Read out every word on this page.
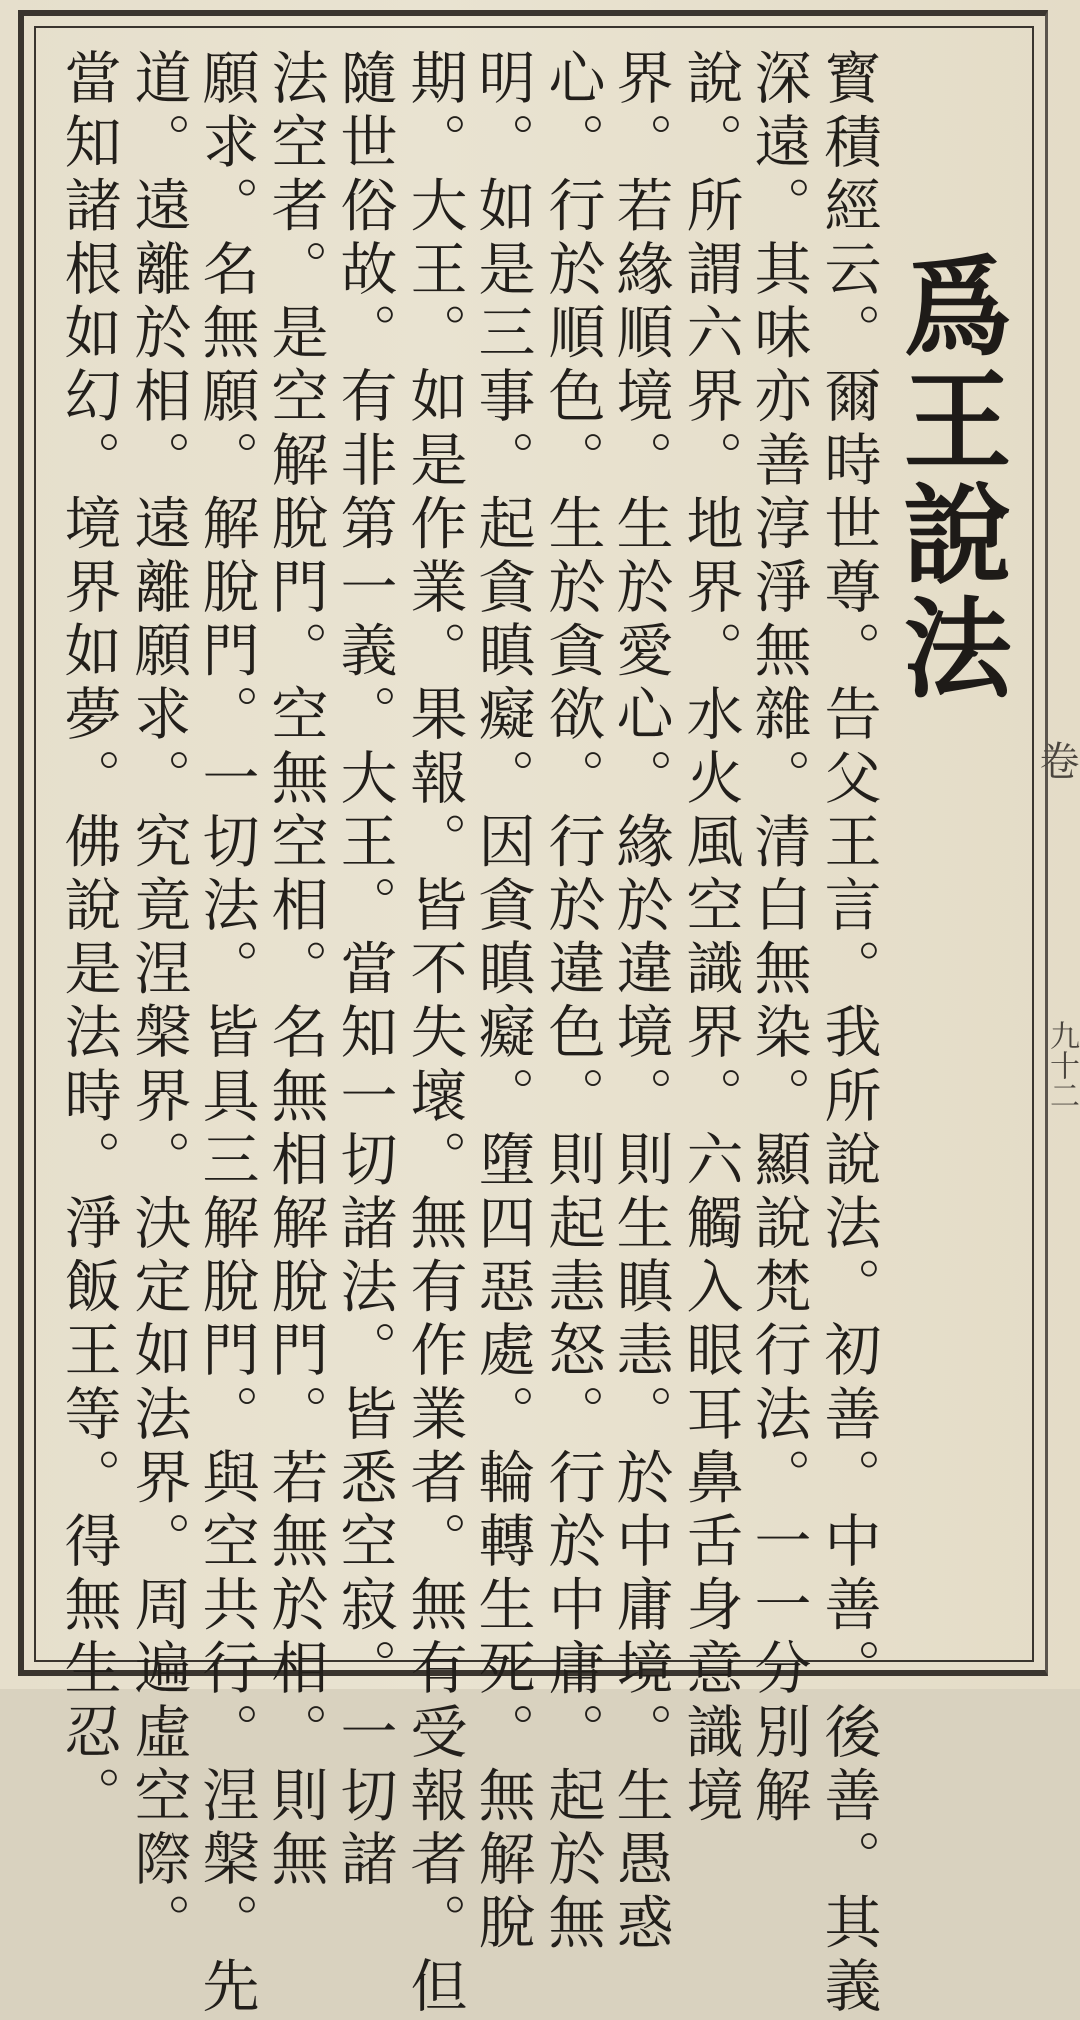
卷
九十二
爲王說法
寳積經云。爾時世尊。告父王言。我所說法。初善。中善。後善。其義
深遠。其味亦善淳淨無雜。清白無染。顯說梵行法。一一分別解
說。所謂六界。地界。水火風空識界。六觸入眼耳鼻舌身意識境
界。若緣順境。生於愛心。緣於違境。則生瞋恚。於中庸境。生愚惑
心。行於順色。生於貪欲。行於違色。則起恚怒。行於中庸。起於無
明。如是三事。起貪瞋癡。因貪瞋癡。墮四惡處。輪轉生死。無解脫
期。大王。如是作業。果報。皆不失壞。無有作業者。無有受報者。但
隨世俗故。有非第一義。大王。當知一切諸法。皆悉空寂。一切諸
法空者。是空解脫門。空無空相。名無相解脫門。若無於相。則無
願求。名無願。解脫門。一切法。皆具三解脫門。與空共行。涅槃。先
道。遠離於相。遠離願求。究竟涅槃界。決定如法界。周遍虛空際。
當知諸根如幻。境界如夢。佛說是法時。淨飯王等。得無生忍。
